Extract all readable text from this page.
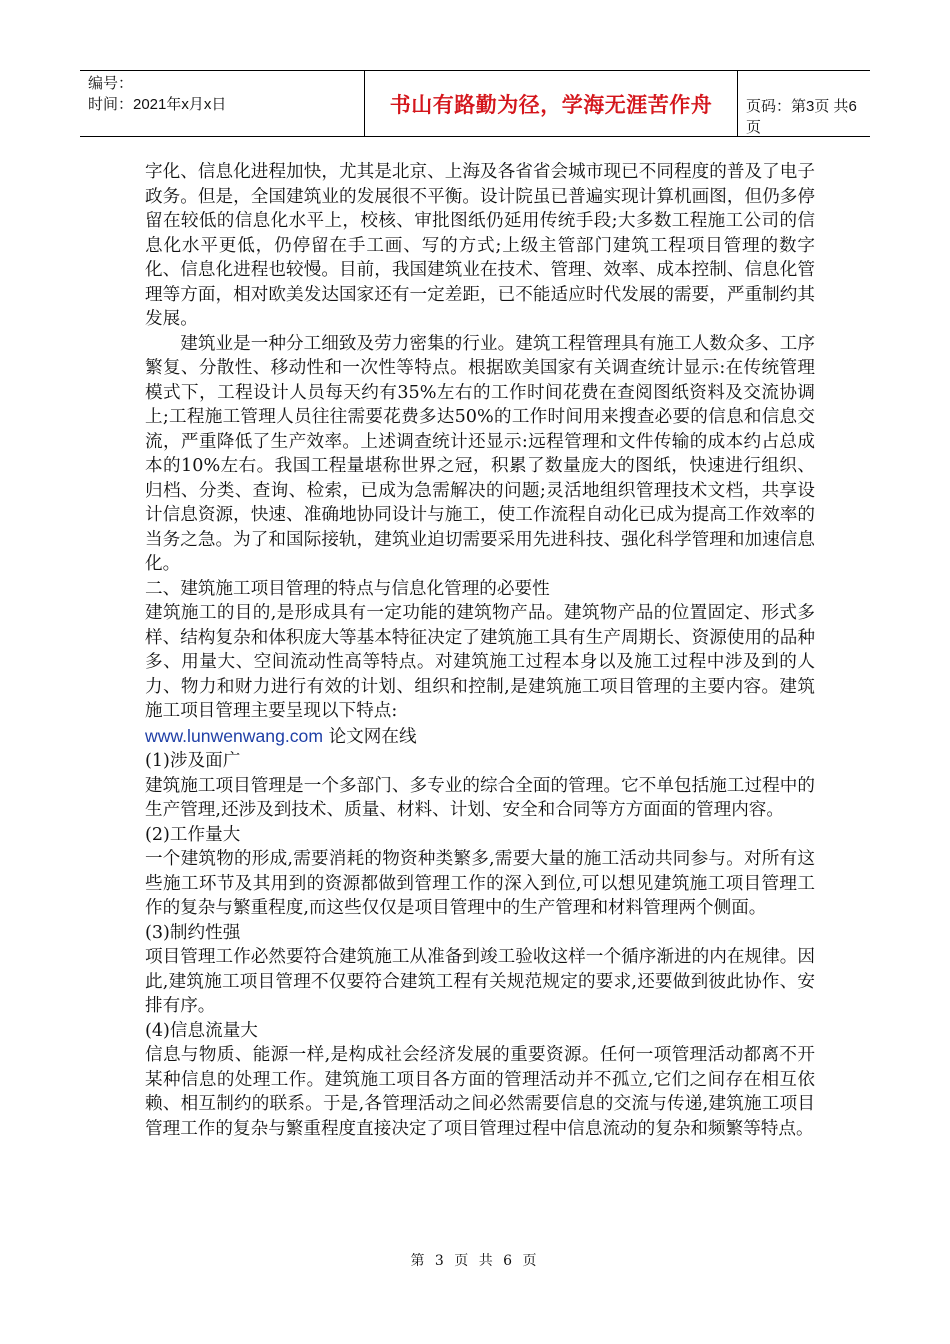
编号：
时间：2021年x月x日	书山有路勤为径，学海无涯苦作舟 页码：第3页 共6页

字化、信息化进程加快，尤其是北京、上海及各省省会城市现已不同程度的普及了电子政务。但是，全国建筑业的发展很不平衡。设计院虽已普遍实现计算机画图，但仍多停留在较低的信息化水平上，校核、审批图纸仍延用传统手段;大多数工程施工公司的信息化水平更低，仍停留在手工画、写的方式;上级主管部门建筑工程项目管理的数字化、信息化进程也较慢。目前，我国建筑业在技术、管理、效率、成本控制、信息化管理等方面，相对欧美发达国家还有一定差距，已不能适应时代发展的需要，严重制约其发展。

建筑业是一种分工细致及劳力密集的行业。建筑工程管理具有施工人数众多、工序繁复、分散性、移动性和一次性等特点。根据欧美国家有关调查统计显示:在传统管理模式下，工程设计人员每天约有35%左右的工作时间花费在查阅图纸资料及交流协调上;工程施工管理人员往往需要花费多达50%的工作时间用来搜查必要的信息和信息交流，严重降低了生产效率。上述调查统计还显示:远程管理和文件传输的成本约占总成本的10%左右。我国工程量堪称世界之冠，积累了数量庞大的图纸，快速进行组织、归档、分类、查询、检索，已成为急需解决的问题;灵活地组织管理技术文档，共享设计信息资源，快速、准确地协同设计与施工，使工作流程自动化已成为提高工作效率的当务之急。为了和国际接轨，建筑业迫切需要采用先进科技、强化科学管理和加速信息化。

二、建筑施工项目管理的特点与信息化管理的必要性

建筑施工的目的,是形成具有一定功能的建筑物产品。建筑物产品的位置固定、形式多样、结构复杂和体积庞大等基本特征决定了建筑施工具有生产周期长、资源使用的品种多、用量大、空间流动性高等特点。对建筑施工过程本身以及施工过程中涉及到的人力、物力和财力进行有效的计划、组织和控制,是建筑施工项目管理的主要内容。建筑施工项目管理主要呈现以下特点:

www.lunwenwang.com 论文网在线

(1)涉及面广

建筑施工项目管理是一个多部门、多专业的综合全面的管理。它不单包括施工过程中的生产管理,还涉及到技术、质量、材料、计划、安全和合同等方方面面的管理内容。

(2)工作量大

一个建筑物的形成,需要消耗的物资种类繁多,需要大量的施工活动共同参与。对所有这些施工环节及其用到的资源都做到管理工作的深入到位,可以想见建筑施工项目管理工作的复杂与繁重程度,而这些仅仅是项目管理中的生产管理和材料管理两个侧面。

(3)制约性强

项目管理工作必然要符合建筑施工从准备到竣工验收这样一个循序渐进的内在规律。因此,建筑施工项目管理不仅要符合建筑工程有关规范规定的要求,还要做到彼此协作、安排有序。

(4)信息流量大

信息与物质、能源一样,是构成社会经济发展的重要资源。任何一项管理活动都离不开某种信息的处理工作。建筑施工项目各方面的管理活动并不孤立,它们之间存在相互依赖、相互制约的联系。于是,各管理活动之间必然需要信息的交流与传递,建筑施工项目管理工作的复杂与繁重程度直接决定了项目管理过程中信息流动的复杂和频繁等特点。

第 3 页 共 6 页
